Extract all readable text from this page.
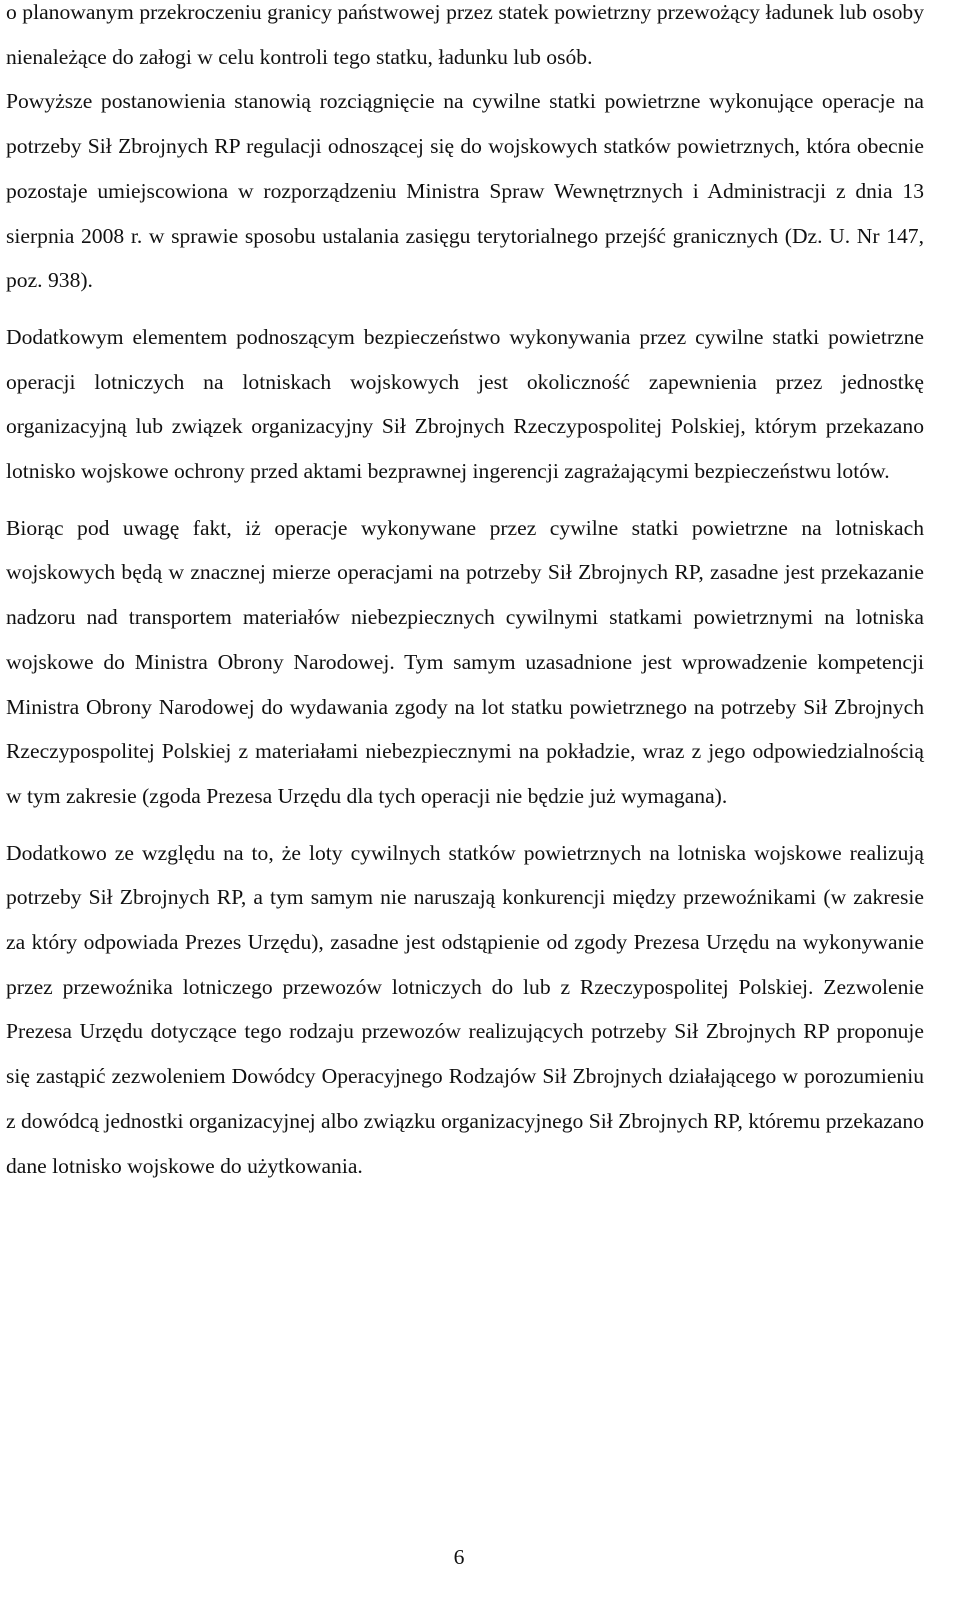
o planowanym przekroczeniu granicy państwowej przez statek powietrzny przewożący ładunek lub osoby nienależące do załogi w celu kontroli tego statku, ładunku lub osób.

Powyższe postanowienia stanowią rozciągnięcie na cywilne statki powietrzne wykonujące operacje na potrzeby Sił Zbrojnych RP regulacji odnoszącej się do wojskowych statków powietrznych, która obecnie pozostaje umiejscowiona w rozporządzeniu Ministra Spraw Wewnętrznych i Administracji z dnia 13 sierpnia 2008 r. w sprawie sposobu ustalania zasięgu terytorialnego przejść granicznych (Dz. U. Nr 147, poz. 938).

Dodatkowym elementem podnoszącym bezpieczeństwo wykonywania przez cywilne statki powietrzne operacji lotniczych na lotniskach wojskowych jest okoliczność zapewnienia przez jednostkę organizacyjną lub związek organizacyjny Sił Zbrojnych Rzeczypospolitej Polskiej, którym przekazano lotnisko wojskowe ochrony przed aktami bezprawnej ingerencji zagrażającymi bezpieczeństwu lotów.

Biorąc pod uwagę fakt, iż operacje wykonywane przez cywilne statki powietrzne na lotniskach wojskowych będą w znacznej mierze operacjami na potrzeby Sił Zbrojnych RP, zasadne jest przekazanie nadzoru nad transportem materiałów niebezpiecznych cywilnymi statkami powietrznymi na lotniska wojskowe do Ministra Obrony Narodowej. Tym samym uzasadnione jest wprowadzenie kompetencji Ministra Obrony Narodowej do wydawania zgody na lot statku powietrznego na potrzeby Sił Zbrojnych Rzeczypospolitej Polskiej z materiałami niebezpiecznymi na pokładzie, wraz z jego odpowiedzialnością w tym zakresie (zgoda Prezesa Urzędu dla tych operacji nie będzie już wymagana).

Dodatkowo ze względu na to, że loty cywilnych statków powietrznych na lotniska wojskowe realizują potrzeby Sił Zbrojnych RP, a tym samym nie naruszają konkurencji między przewoźnikami (w zakresie za który odpowiada Prezes Urzędu), zasadne jest odstąpienie od zgody Prezesa Urzędu na wykonywanie przez przewoźnika lotniczego przewozów lotniczych do lub z Rzeczypospolitej Polskiej. Zezwolenie Prezesa Urzędu dotyczące tego rodzaju przewozów realizujących potrzeby Sił Zbrojnych RP proponuje się zastąpić zezwoleniem Dowódcy Operacyjnego Rodzajów Sił Zbrojnych działającego w porozumieniu z dowódcą jednostki organizacyjnej albo związku organizacyjnego Sił Zbrojnych RP, któremu przekazano dane lotnisko wojskowe do użytkowania.

6
